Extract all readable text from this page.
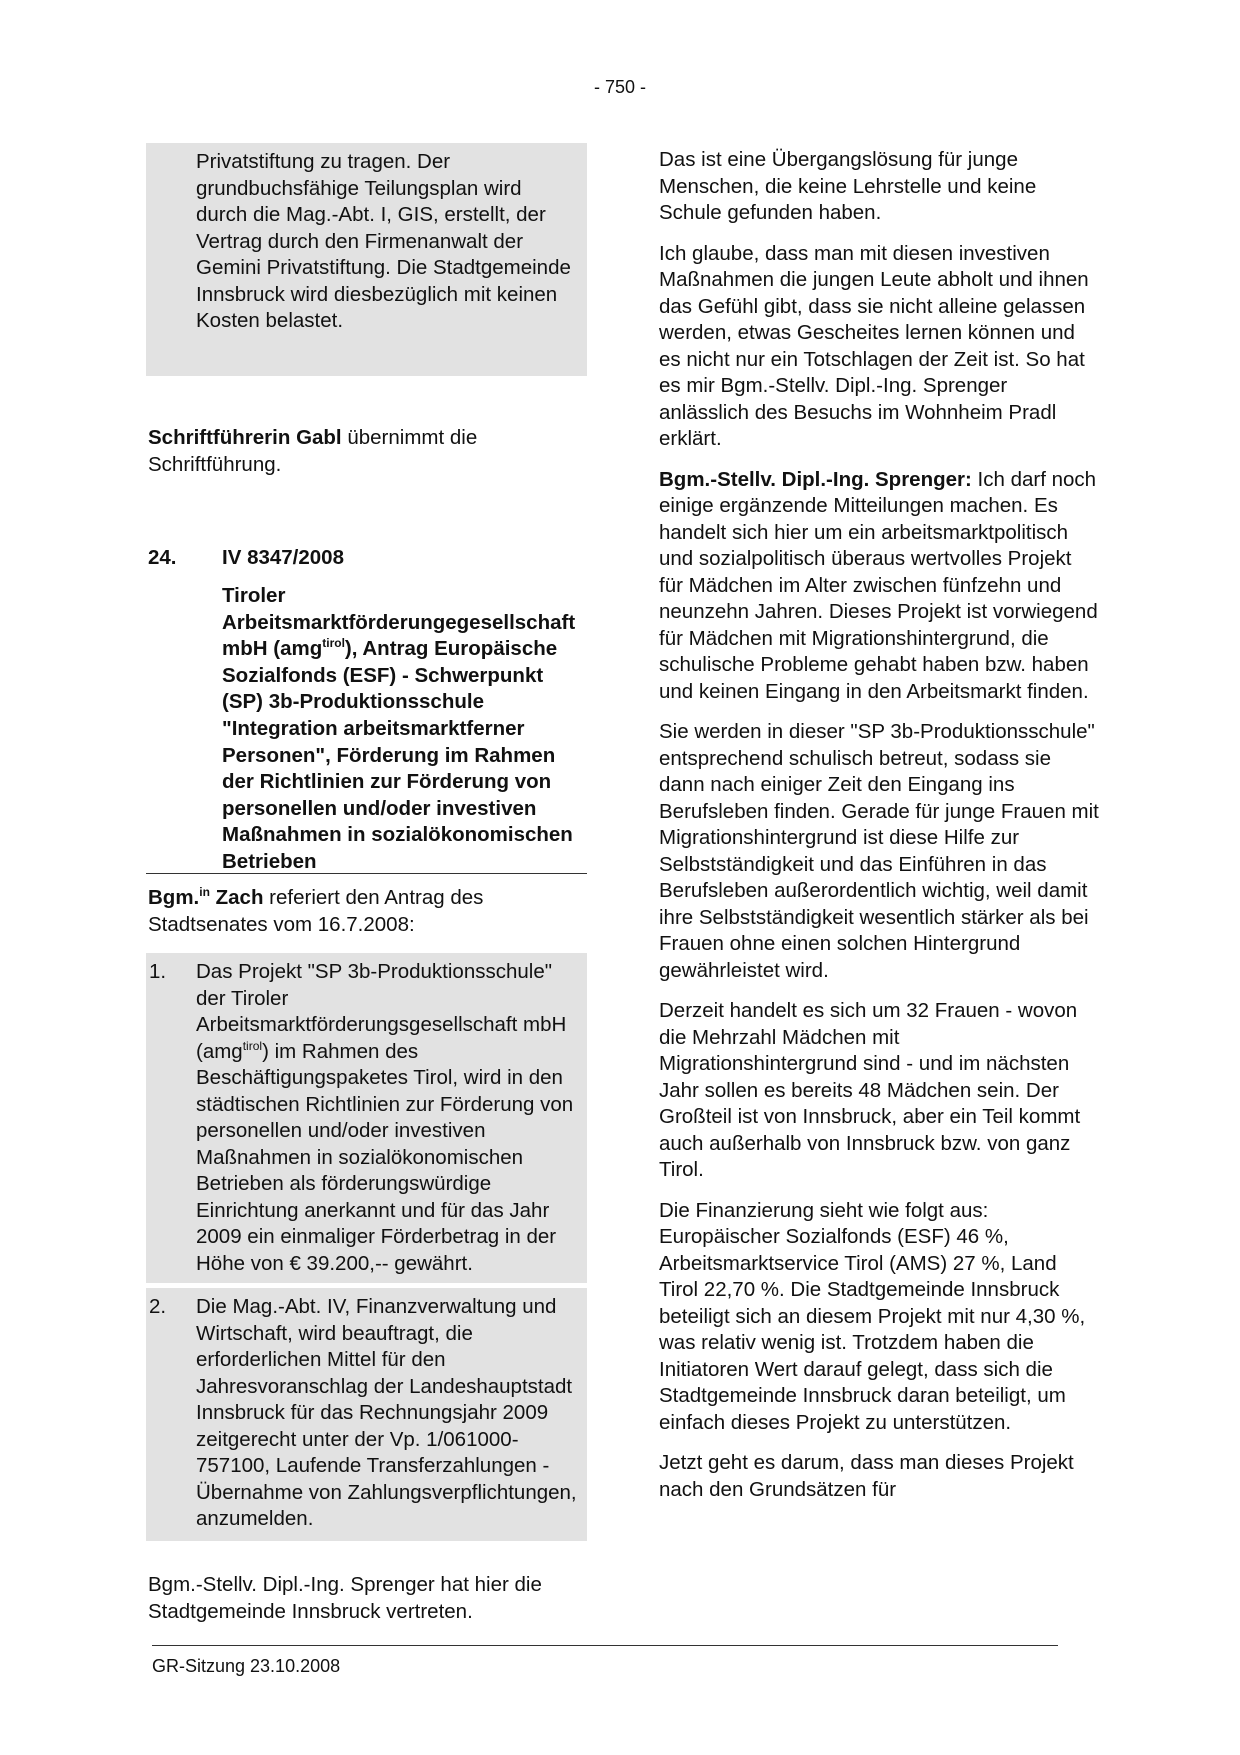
- 750 -

Privatstiftung zu tragen. Der grundbuchsfähige Teilungsplan wird durch die Mag.-Abt. I, GIS, erstellt, der Vertrag durch den Firmenanwalt der Gemini Privatstiftung. Die Stadtgemeinde Innsbruck wird diesbezüglich mit keinen Kosten belastet.

Schriftführerin Gabl übernimmt die Schriftführung.

24. IV 8347/2008
Tiroler Arbeitsmarktförderungegesellschaft mbH (amg$^{tirol}$), Antrag Europäische Sozialfonds (ESF) - Schwerpunkt (SP) 3b-Produktionsschule "Integration arbeitsmarktferner Personen", Förderung im Rahmen der Richtlinien zur Förderung von personellen und/oder investiven Maßnahmen in sozialökonomischen Betrieben

Bgm.$^{in}$ Zach referiert den Antrag des Stadtsenates vom 16.7.2008:

1. Das Projekt "SP 3b-Produktionsschule" der Tiroler Arbeitsmarktförderungsgesellschaft mbH (amg$^{tirol}$) im Rahmen des Beschäftigungspaketes Tirol, wird in den städtischen Richtlinien zur Förderung von personellen und/oder investiven Maßnahmen in sozialökonomischen Betrieben als förderungswürdige Einrichtung anerkannt und für das Jahr 2009 ein einmaliger Förderbetrag in der Höhe von € 39.200,-- gewährt.

2. Die Mag.-Abt. IV, Finanzverwaltung und Wirtschaft, wird beauftragt, die erforderlichen Mittel für den Jahresvoranschlag der Landeshauptstadt Innsbruck für das Rechnungsjahr 2009 zeitgerecht unter der Vp. 1/061000-757100, Laufende Transferzahlungen - Übernahme von Zahlungsverpflichtungen, anzumelden.

Bgm.-Stellv. Dipl.-Ing. Sprenger hat hier die Stadtgemeinde Innsbruck vertreten.

Das ist eine Übergangslösung für junge Menschen, die keine Lehrstelle und keine Schule gefunden haben.

Ich glaube, dass man mit diesen investiven Maßnahmen die jungen Leute abholt und ihnen das Gefühl gibt, dass sie nicht alleine gelassen werden, etwas Gescheites lernen können und es nicht nur ein Totschlagen der Zeit ist. So hat es mir Bgm.-Stellv. Dipl.-Ing. Sprenger anlässlich des Besuchs im Wohnheim Pradl erklärt.

Bgm.-Stellv. Dipl.-Ing. Sprenger: Ich darf noch einige ergänzende Mitteilungen machen. Es handelt sich hier um ein arbeitsmarktpolitisch und sozialpolitisch überaus wertvolles Projekt für Mädchen im Alter zwischen fünfzehn und neunzehn Jahren. Dieses Projekt ist vorwiegend für Mädchen mit Migrationshintergrund, die schulische Probleme gehabt haben bzw. haben und keinen Eingang in den Arbeitsmarkt finden.

Sie werden in dieser "SP 3b-Produktionsschule" entsprechend schulisch betreut, sodass sie dann nach einiger Zeit den Eingang ins Berufsleben finden. Gerade für junge Frauen mit Migrationshintergrund ist diese Hilfe zur Selbstständigkeit und das Einführen in das Berufsleben außerordentlich wichtig, weil damit ihre Selbstständigkeit wesentlich stärker als bei Frauen ohne einen solchen Hintergrund gewährleistet wird.

Derzeit handelt es sich um 32 Frauen - wovon die Mehrzahl Mädchen mit Migrationshintergrund sind - und im nächsten Jahr sollen es bereits 48 Mädchen sein. Der Großteil ist von Innsbruck, aber ein Teil kommt auch außerhalb von Innsbruck bzw. von ganz Tirol.

Die Finanzierung sieht wie folgt aus: Europäischer Sozialfonds (ESF) 46 %, Arbeitsmarktservice Tirol (AMS) 27 %, Land Tirol 22,70 %. Die Stadtgemeinde Innsbruck beteiligt sich an diesem Projekt mit nur 4,30 %, was relativ wenig ist. Trotzdem haben die Initiatoren Wert darauf gelegt, dass sich die Stadtgemeinde Innsbruck daran beteiligt, um einfach dieses Projekt zu unterstützen.

Jetzt geht es darum, dass man dieses Projekt nach den Grundsätzen für

GR-Sitzung 23.10.2008
